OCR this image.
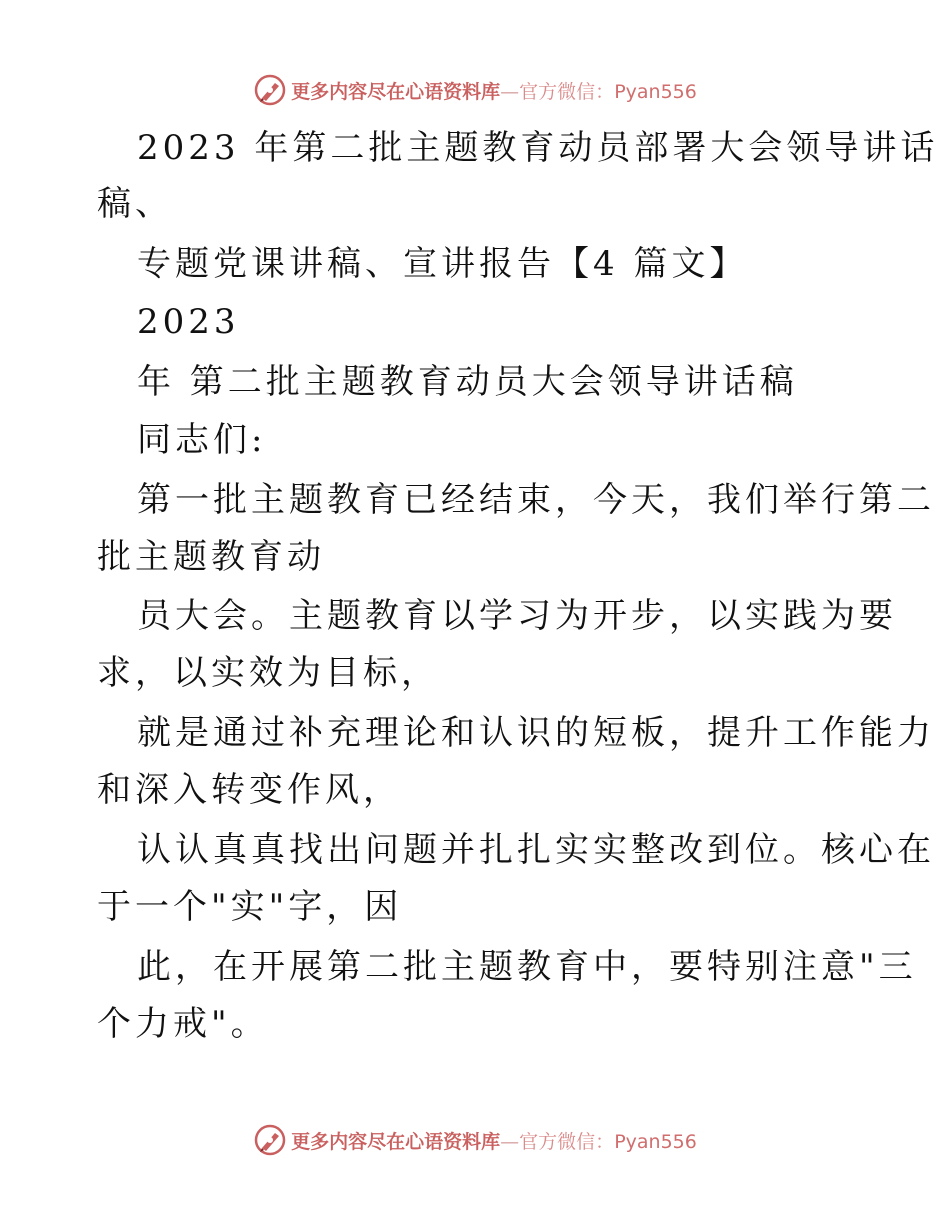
更多内容尽在心语资料库—官方微信：Pyan556
2023 年第二批主题教育动员部署大会领导讲话
稿、
专题党课讲稿、宣讲报告【4 篇文】
2023
年 第二批主题教育动员大会领导讲话稿
同志们:
第一批主题教育已经结束，今天，我们举行第二
批主题教育动
员大会。主题教育以学习为开步，以实践为要
求，以实效为目标，
就是通过补充理论和认识的短板，提升工作能力
和深入转变作风，
认认真真找出问题并扎扎实实整改到位。核心在
于一个"实"字，因
此，在开展第二批主题教育中，要特别注意"三
个力戒"。
更多内容尽在心语资料库—官方微信：Pyan556
